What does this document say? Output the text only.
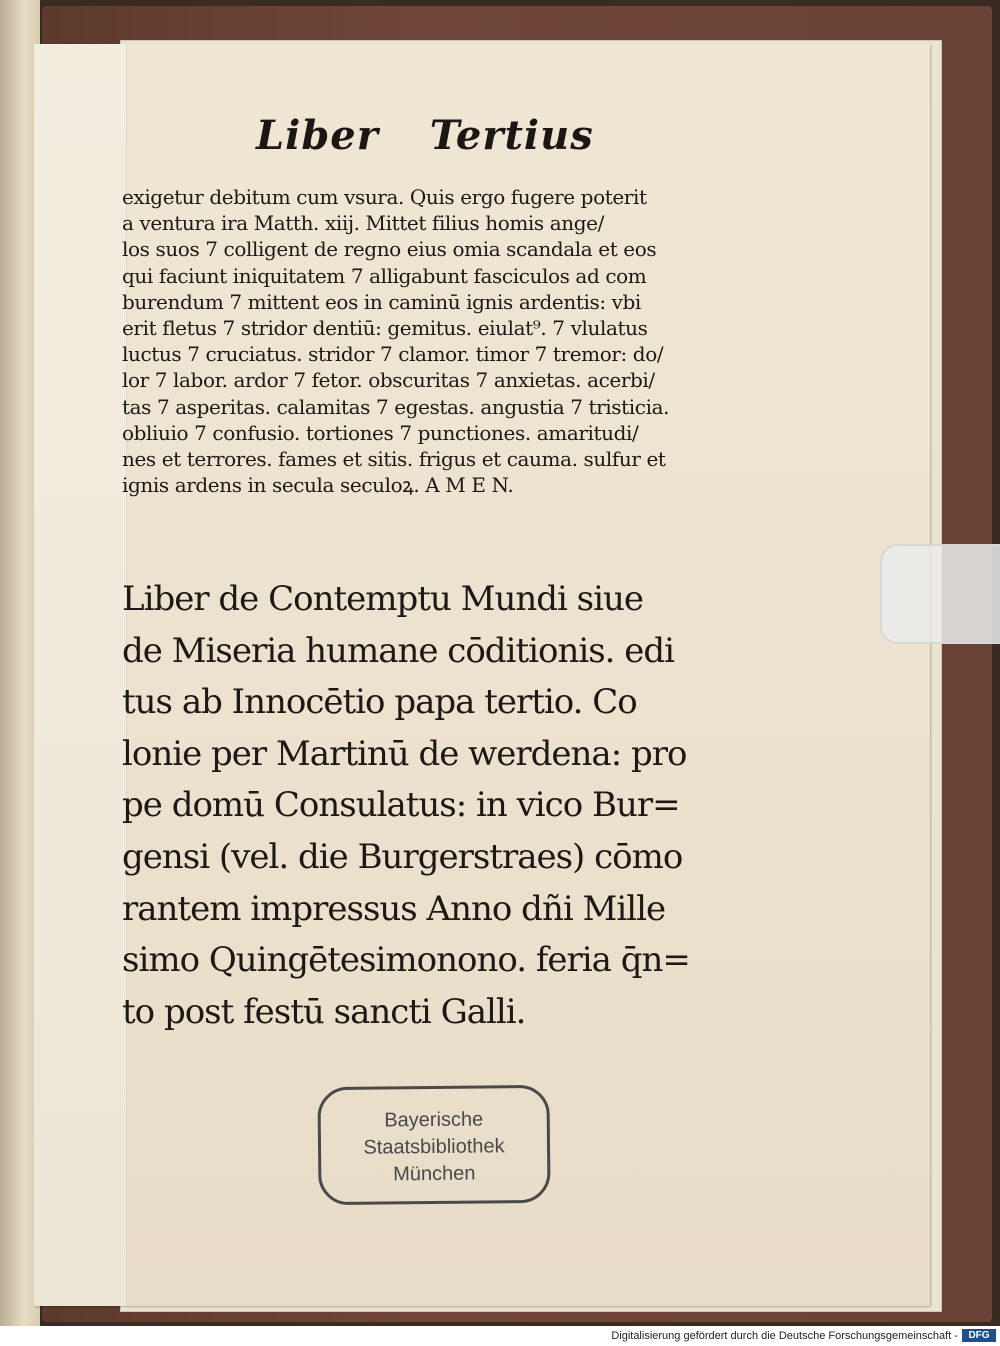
Liber Tertius
exigetur debitum cum vsura. Quis ergo fugere poterit
a ventura ira Matth. xiij. Mittet filius homis ange/
los suos 7 colligent de regno eius omia scandala et eos
qui faciunt iniquitatem 7 alligabunt fasciculos ad com
burendum 7 mittent eos in caminū ignis ardentis: vbi
erit fletus 7 stridor dentiū: gemitus. eiulat⁹. 7 vlulatus
luctus 7 cruciatus. stridor 7 clamor. timor 7 tremor: do/
lor 7 labor. ardor 7 fetor. obscuritas 7 anxietas. acerbi/
tas 7 asperitas. calamitas 7 egestas. angustia 7 tristicia.
obliuio 7 confusio. tortiones 7 punctiones. amaritudi/
nes et terrores. fames et sitis. frigus et cauma. sulfur et
ignis ardens in secula seculoꝝ. A M E N.
Liber de Contemptu Mundi siue
de Miseria humane cōditionis. edi
tus ab Innocētio papa tertio. Co
lonie per Martinū de werdena: pro
pe domū Consulatus: in vico Bur=
gensi (vel. die Burgerstraes) cōmo
rantem impressus Anno dñi Mille
simo Quingētesimonono. feria q̄n=
to post festū sancti Galli.
Bayerische
Staatsbibliothek
München
Digitalisierung gefördert durch die Deutsche Forschungsgemeinschaft -	DFG
